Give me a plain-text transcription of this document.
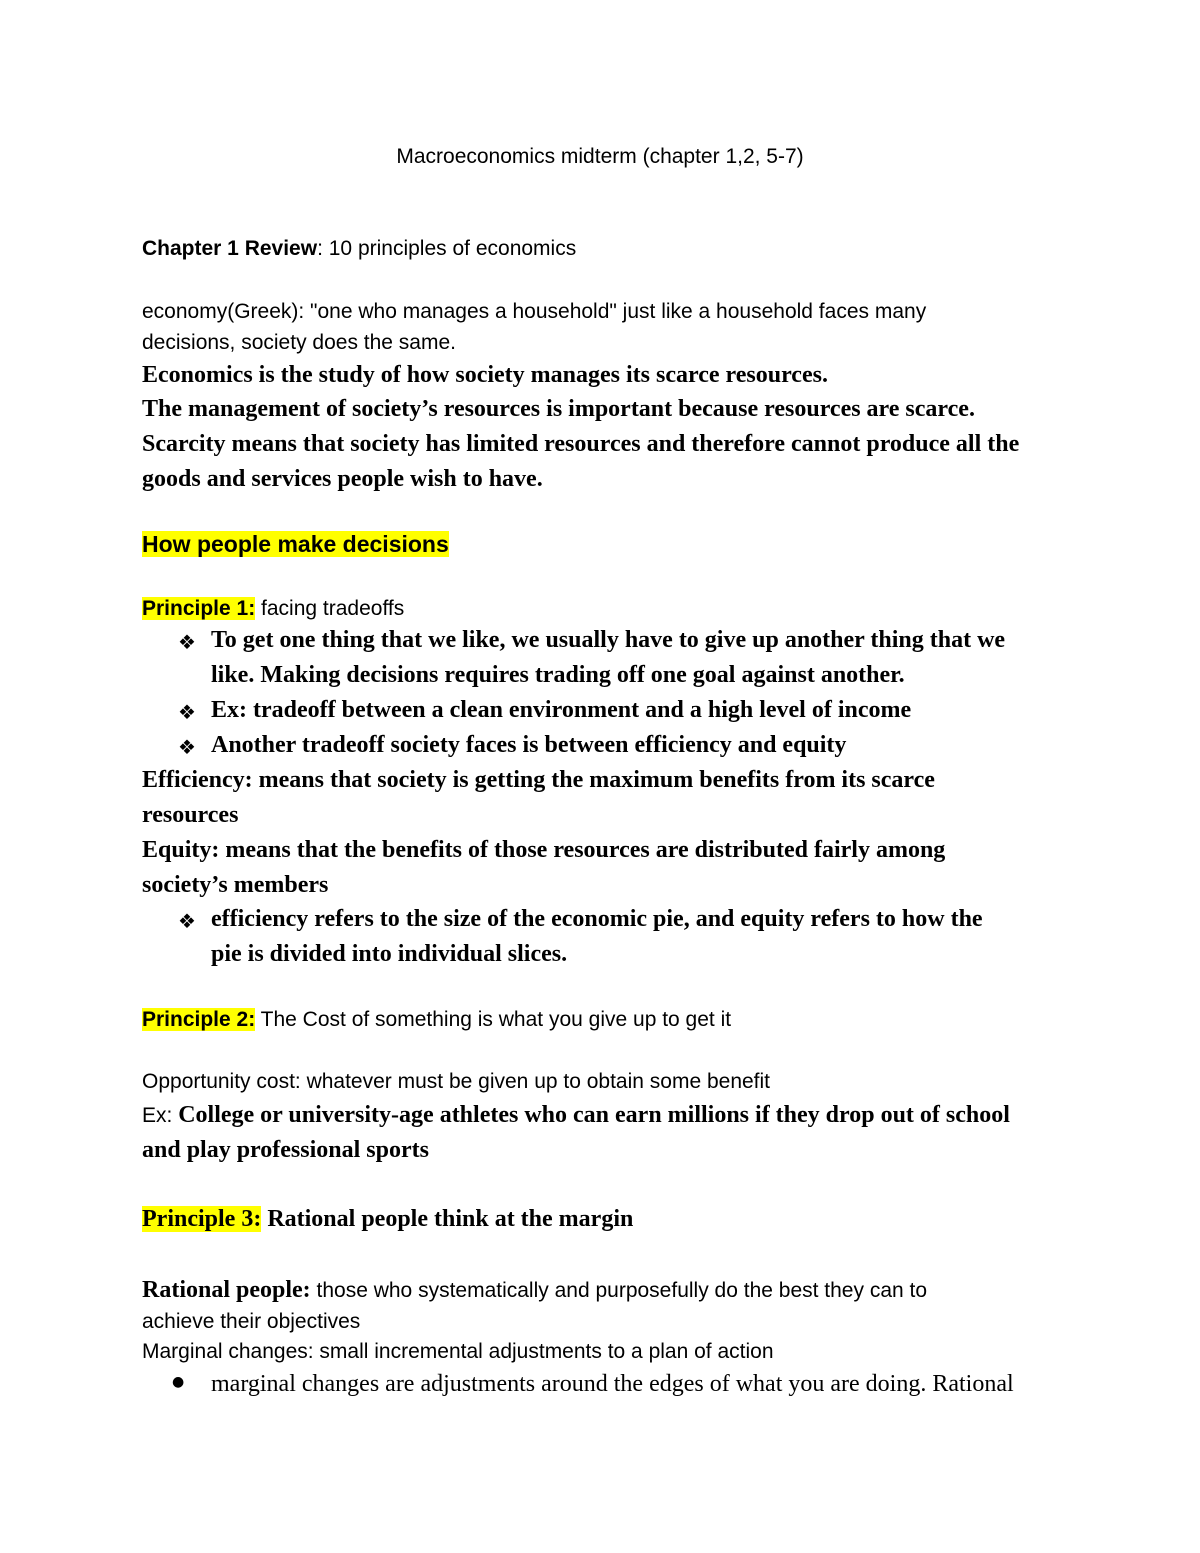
Macroeconomics midterm (chapter 1,2, 5-7)
Chapter 1 Review: 10 principles of economics
economy(Greek): "one who manages a household" just like a household faces many
decisions, society does the same.
Economics is the study of how society manages its scarce resources.
The management of society’s resources is important because resources are scarce.
Scarcity means that society has limited resources and therefore cannot produce all the
goods and services people wish to have.
How people make decisions
Principle 1: facing tradeoffs
❖ To get one thing that we like, we usually have to give up another thing that we
like. Making decisions requires trading off one goal against another.
❖ Ex: tradeoff between a clean environment and a high level of income
❖ Another tradeoff society faces is between efficiency and equity
Efficiency: means that society is getting the maximum benefits from its scarce
resources
Equity: means that the benefits of those resources are distributed fairly among
society’s members
❖ efficiency refers to the size of the economic pie, and equity refers to how the
pie is divided into individual slices.
Principle 2: The Cost of something is what you give up to get it
Opportunity cost: whatever must be given up to obtain some benefit
Ex: College or university-age athletes who can earn millions if they drop out of school
and play professional sports
Principle 3: Rational people think at the margin
Rational people: those who systematically and purposefully do the best they can to
achieve their objectives
Marginal changes: small incremental adjustments to a plan of action
●	marginal changes are adjustments around the edges of what you are doing. Rational
